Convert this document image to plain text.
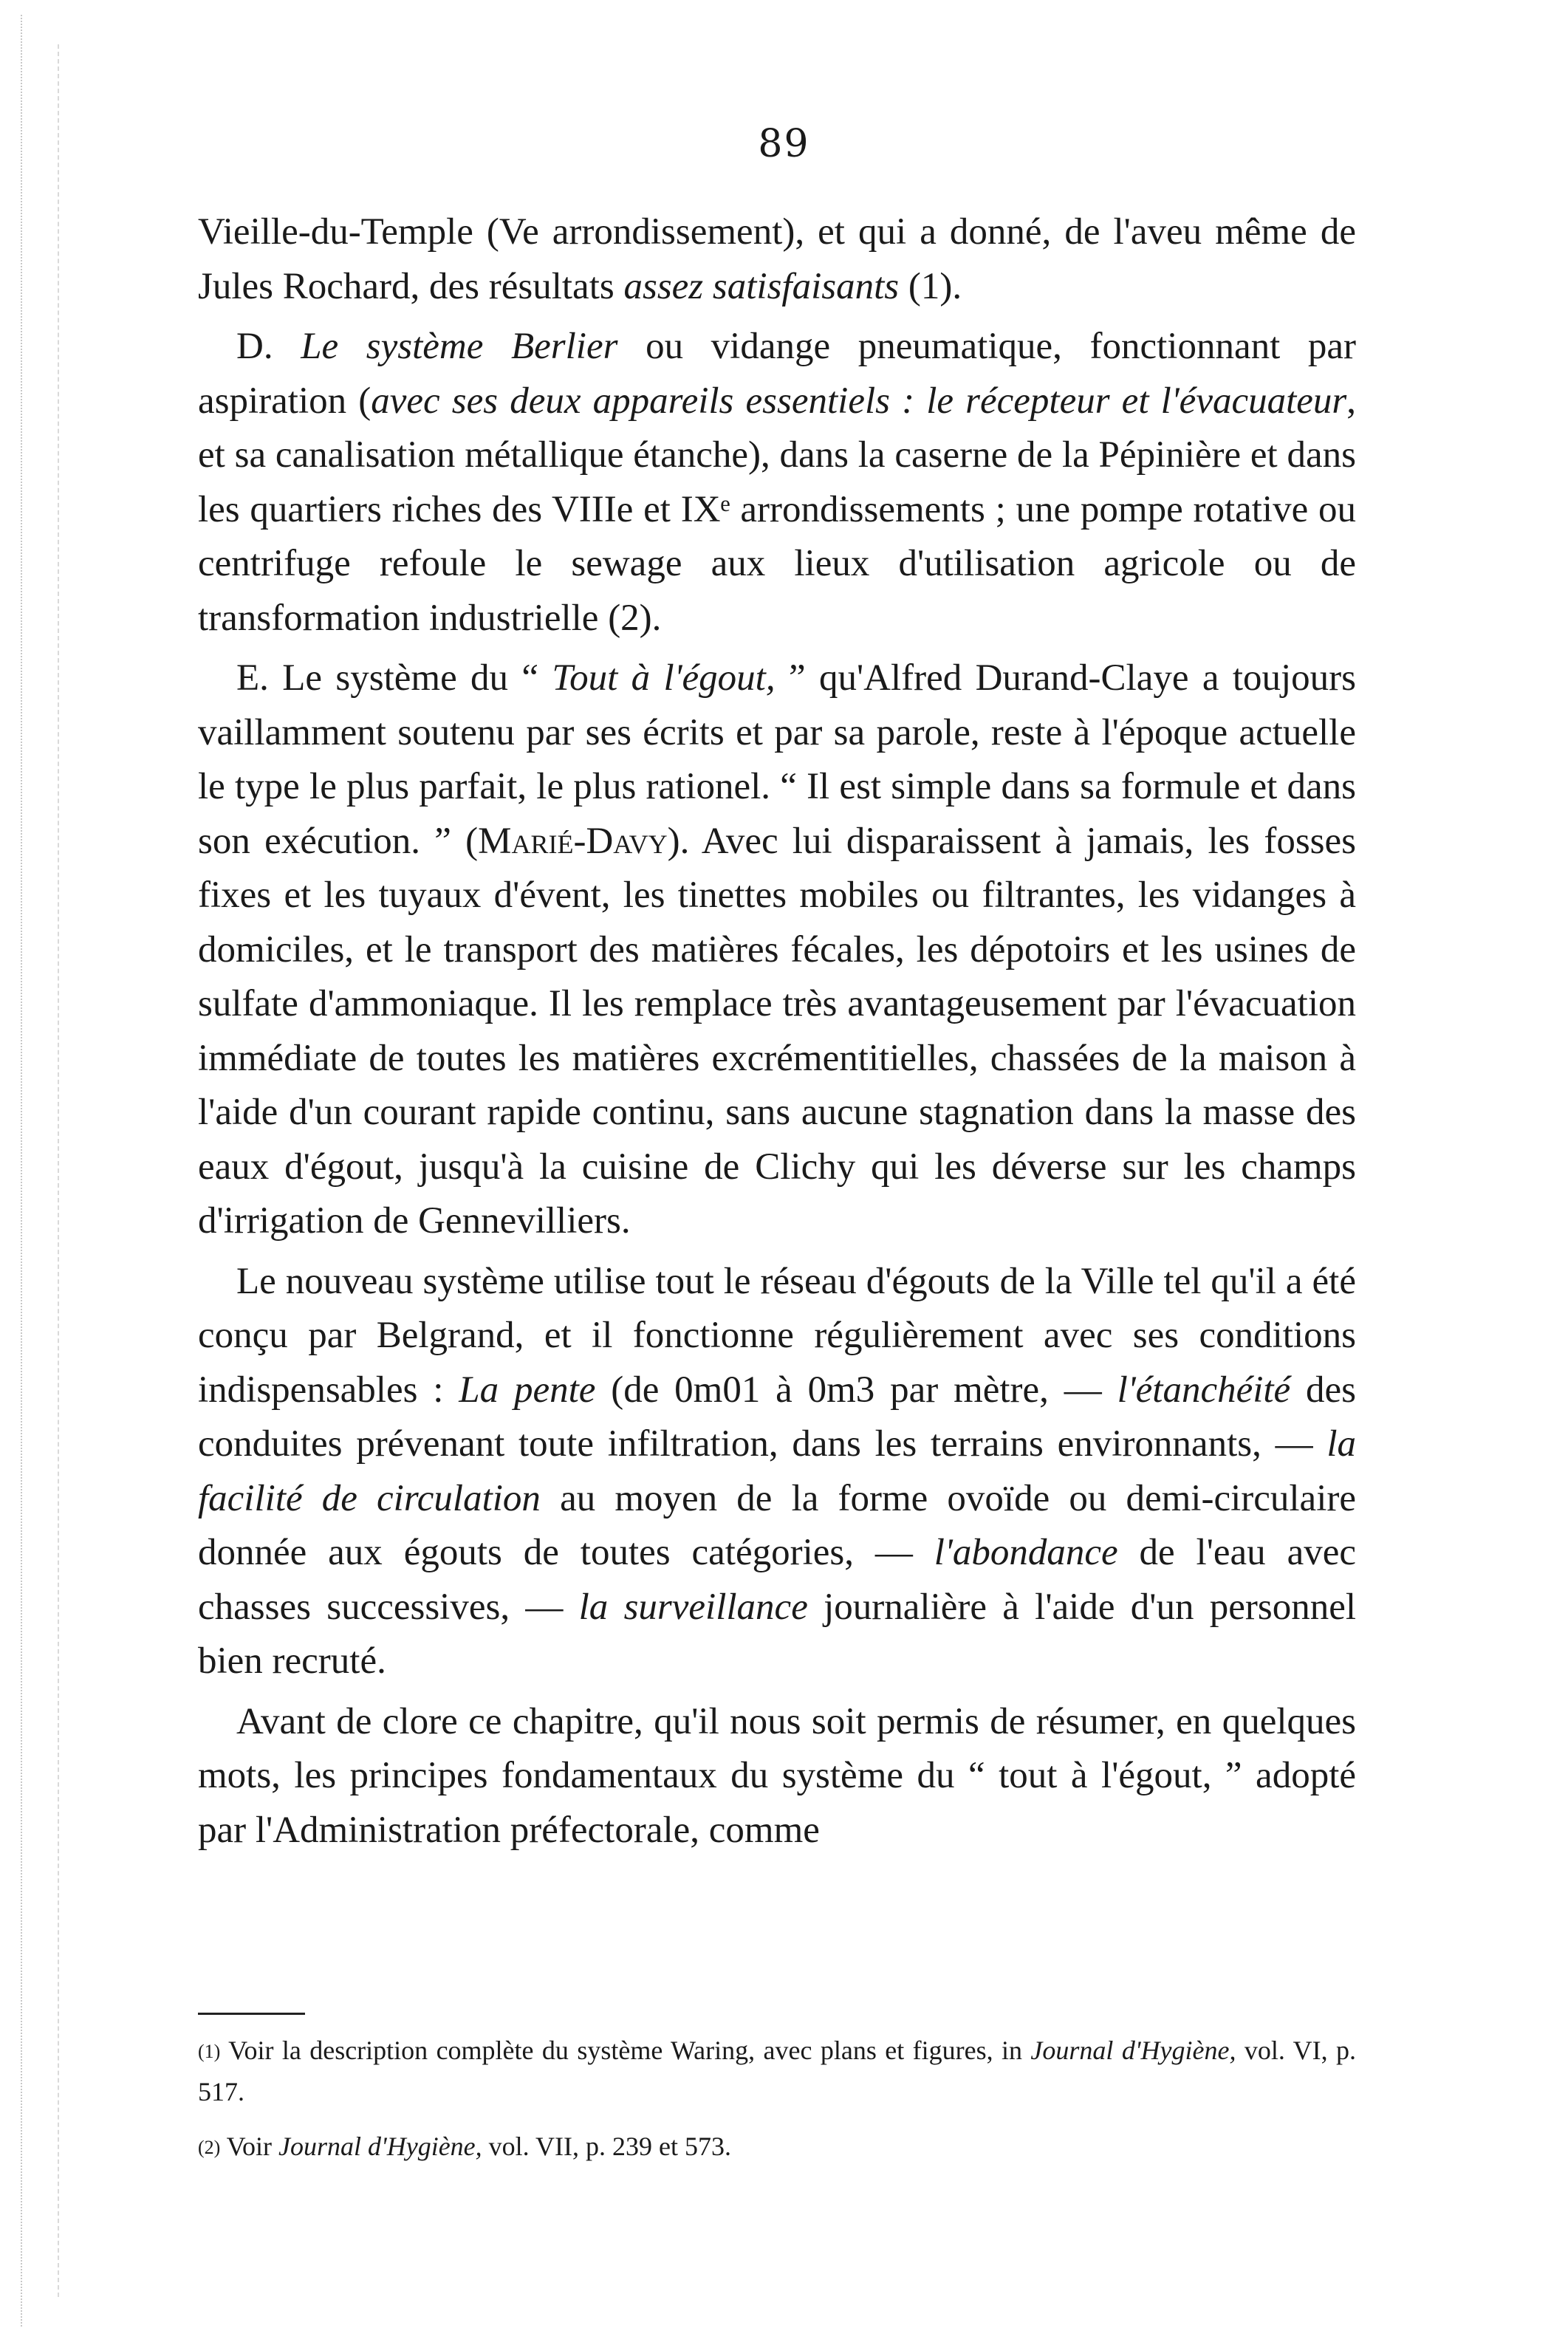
89

Vieille-du-Temple (Ve arrondissement), et qui a donné, de l'aveu même de Jules Rochard, des résultats assez satisfaisants (1).

D. Le système Berlier ou vidange pneumatique, fonctionnant par aspiration (avec ses deux appareils essentiels : le récepteur et l'évacuateur, et sa canalisation métallique étanche), dans la caserne de la Pépinière et dans les quartiers riches des VIIIe et IXᵉ arrondissements ; une pompe rotative ou centrifuge refoule le sewage aux lieux d'utilisation agricole ou de transformation industrielle (2).

E. Le système du “ Tout à l'égout, ” qu'Alfred Durand-Claye a toujours vaillamment soutenu par ses écrits et par sa parole, reste à l'époque actuelle le type le plus parfait, le plus rationel. “ Il est simple dans sa formule et dans son exécution. ” (Marié-Davy). Avec lui disparaissent à jamais, les fosses fixes et les tuyaux d'évent, les tinettes mobiles ou filtrantes, les vidanges à domiciles, et le transport des matières fécales, les dépotoirs et les usines de sulfate d'ammoniaque. Il les remplace très avantageusement par l'évacuation immédiate de toutes les matières excrémentitielles, chassées de la maison à l'aide d'un courant rapide continu, sans aucune stagnation dans la masse des eaux d'égout, jusqu'à la cuisine de Clichy qui les déverse sur les champs d'irrigation de Gennevilliers.

Le nouveau système utilise tout le réseau d'égouts de la Ville tel qu'il a été conçu par Belgrand, et il fonctionne régulièrement avec ses conditions indispensables : La pente (de 0m01 à 0m3 par mètre, — l'étanchéité des conduites prévenant toute infiltration, dans les terrains environnants, — la facilité de circulation au moyen de la forme ovoïde ou demi-circulaire donnée aux égouts de toutes catégories, — l'abondance de l'eau avec chasses successives, — la surveillance journalière à l'aide d'un personnel bien recruté.

Avant de clore ce chapitre, qu'il nous soit permis de résumer, en quelques mots, les principes fondamentaux du système du “ tout à l'égout, ” adopté par l'Administration préfectorale, comme

$^{(1)}$ Voir la description complète du système Waring, avec plans et figures, in Journal d'Hygiène, vol. VI, p. 517.

$^{(2)}$ Voir Journal d'Hygiène, vol. VII, p. 239 et 573.
